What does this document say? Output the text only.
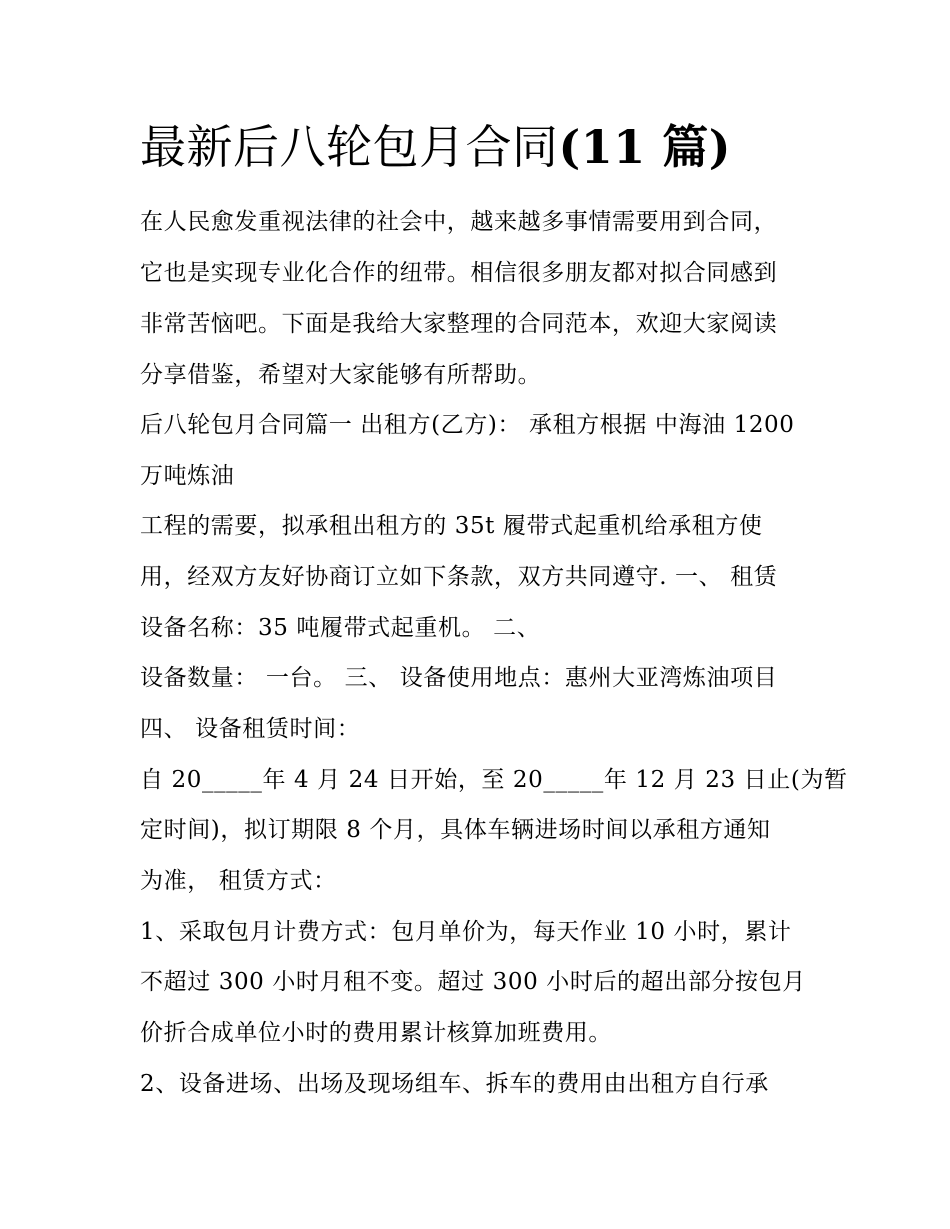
最新后八轮包月合同(11 篇)

在人民愈发重视法律的社会中，越来越多事情需要用到合同，

它也是实现专业化合作的纽带。相信很多朋友都对拟合同感到

非常苦恼吧。下面是我给大家整理的合同范本，欢迎大家阅读

分享借鉴，希望对大家能够有所帮助。

后八轮包月合同篇一 出租方(乙方)： 承租方根据 中海油 1200

万吨炼油

工程的需要，拟承租出租方的 35t 履带式起重机给承租方使

用，经双方友好协商订立如下条款，双方共同遵守. 一、 租赁

设备名称：35 吨履带式起重机。 二、

设备数量： 一台。 三、 设备使用地点：惠州大亚湾炼油项目

四、 设备租赁时间：

自 20_____年 4 月 24 日开始，至 20_____年 12 月 23 日止(为暂

定时间)，拟订期限 8 个月，具体车辆进场时间以承租方通知

为准， 租赁方式：

1、采取包月计费方式：包月单价为，每天作业 10 小时，累计

不超过 300 小时月租不变。超过 300 小时后的超出部分按包月

价折合成单位小时的费用累计核算加班费用。

2、设备进场、出场及现场组车、拆车的费用由出租方自行承
